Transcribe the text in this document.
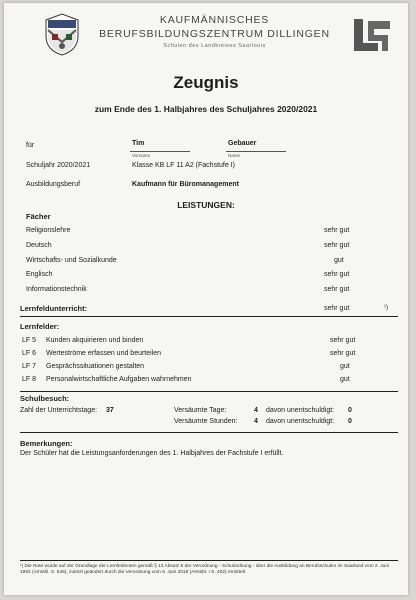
KAUFMÄNNISCHES
BERUFSBILDUNGSZENTRUM DILLINGEN
Schulen des Landkreises Saarlouis
Zeugnis
zum Ende des 1. Halbjahres des Schuljahres 2020/2021
für	Tim
Vorname
Gebauer
Name
Schuljahr 2020/2021	Klasse KB LF 11 A2 (Fachstufe I)
Ausbildungsberuf	Kaufmann für Büromanagement
LEISTUNGEN:
Fächer
Religionslehre	sehr gut
Deutsch	sehr gut
Wirtschafts- und Sozialkunde	gut
Englisch	sehr gut
Informationstechnik	sehr gut
Lernfeldunterricht:	sehr gut	¹)
Lernfelder:
LF 5 Kunden akquirieren und binden	sehr gut
LF 6 Werteströme erfassen und beurteilen	sehr gut
LF 7 Gesprächssituationen gestalten	gut
LF 8 Personalwirtschaftliche Aufgaben wahrnehmen	gut
Schulbesuch:
Zahl der Unterrichtstage: 37	Versäumte Tage:	4 davon unentschuldigt: 0
Versäumte Stunden: 4 davon unentschuldigt: 0
Bemerkungen:
Der Schüler hat die Leistungsanforderungen des 1. Halbjahres der Fachstufe I erfüllt.
¹) Die Note wurde auf der Grundlage der Lernfeldnoten gemäß § 13 Absatz 5 der Verordnung - Schulordnung - über die Ausbildung an Berufsschulen im Saarland vom 2. Juni 1992 (Amtsbl. S. 646), zuletzt geändert durch die Verordnung vom 6. Juni 2018 (Amtsbl. I S. 402) ermittelt.
